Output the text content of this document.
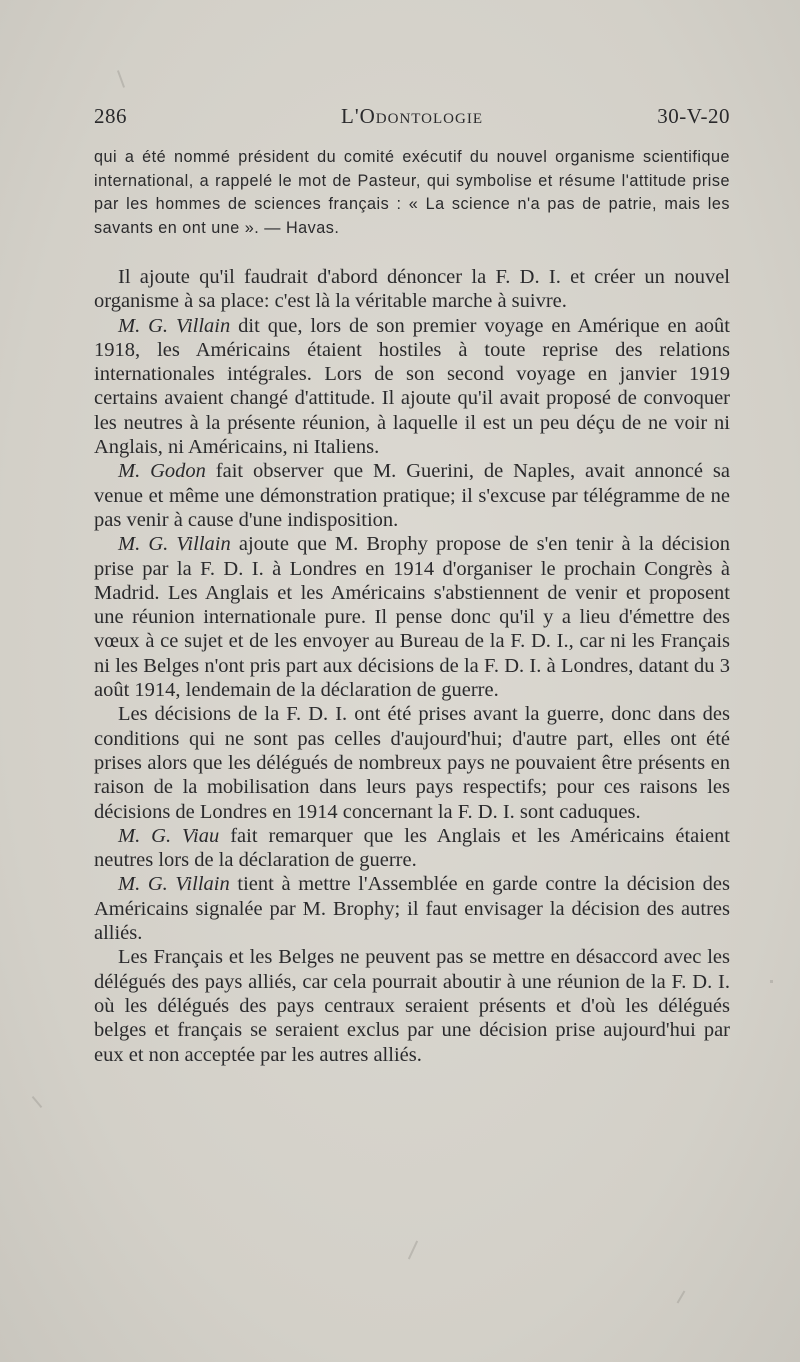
286	L'Odontologie	30-V-20
qui a été nommé président du comité exécutif du nouvel organisme scientifique international, a rappelé le mot de Pasteur, qui symbolise et résume l'attitude prise par les hommes de sciences français : « La science n'a pas de patrie, mais les savants en ont une ». — Havas.

Il ajoute qu'il faudrait d'abord dénoncer la F. D. I. et créer un nouvel organisme à sa place: c'est là la véritable marche à suivre.

M. G. Villain dit que, lors de son premier voyage en Amérique en août 1918, les Américains étaient hostiles à toute reprise des relations internationales intégrales. Lors de son second voyage en janvier 1919 certains avaient changé d'attitude. Il ajoute qu'il avait proposé de convoquer les neutres à la présente réunion, à laquelle il est un peu déçu de ne voir ni Anglais, ni Américains, ni Italiens.

M. Godon fait observer que M. Guerini, de Naples, avait annoncé sa venue et même une démonstration pratique; il s'excuse par télégramme de ne pas venir à cause d'une indisposition.

M. G. Villain ajoute que M. Brophy propose de s'en tenir à la décision prise par la F. D. I. à Londres en 1914 d'organiser le prochain Congrès à Madrid. Les Anglais et les Américains s'abstiennent de venir et proposent une réunion internationale pure. Il pense donc qu'il y a lieu d'émettre des vœux à ce sujet et de les envoyer au Bureau de la F. D. I., car ni les Français ni les Belges n'ont pris part aux décisions de la F. D. I. à Londres, datant du 3 août 1914, lendemain de la déclaration de guerre.

Les décisions de la F. D. I. ont été prises avant la guerre, donc dans des conditions qui ne sont pas celles d'aujourd'hui; d'autre part, elles ont été prises alors que les délégués de nombreux pays ne pouvaient être présents en raison de la mobilisation dans leurs pays respectifs; pour ces raisons les décisions de Londres en 1914 concernant la F. D. I. sont caduques.

M. G. Viau fait remarquer que les Anglais et les Américains étaient neutres lors de la déclaration de guerre.

M. G. Villain tient à mettre l'Assemblée en garde contre la décision des Américains signalée par M. Brophy; il faut envisager la décision des autres alliés.

Les Français et les Belges ne peuvent pas se mettre en désaccord avec les délégués des pays alliés, car cela pourrait aboutir à une réunion de la F. D. I. où les délégués des pays centraux seraient présents et d'où les délégués belges et français se seraient exclus par une décision prise aujourd'hui par eux et non acceptée par les autres alliés.
